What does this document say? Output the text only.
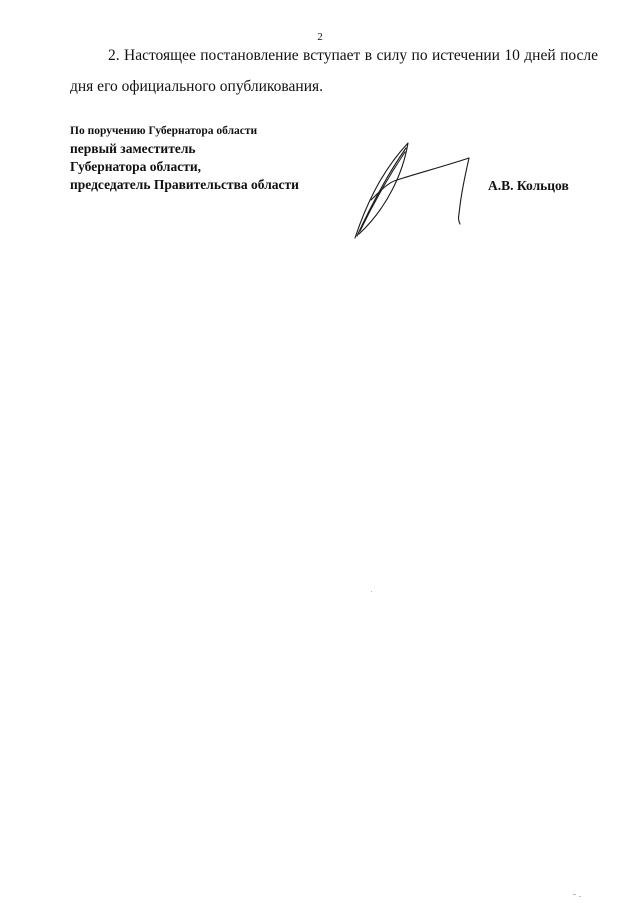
2
2. Настоящее постановление вступает в силу по истечении 10 дней после
дня его официального опубликования.
По поручению Губернатора области
первый заместитель
Губернатора области,
председатель Правительства области	А.В. Кольцов
